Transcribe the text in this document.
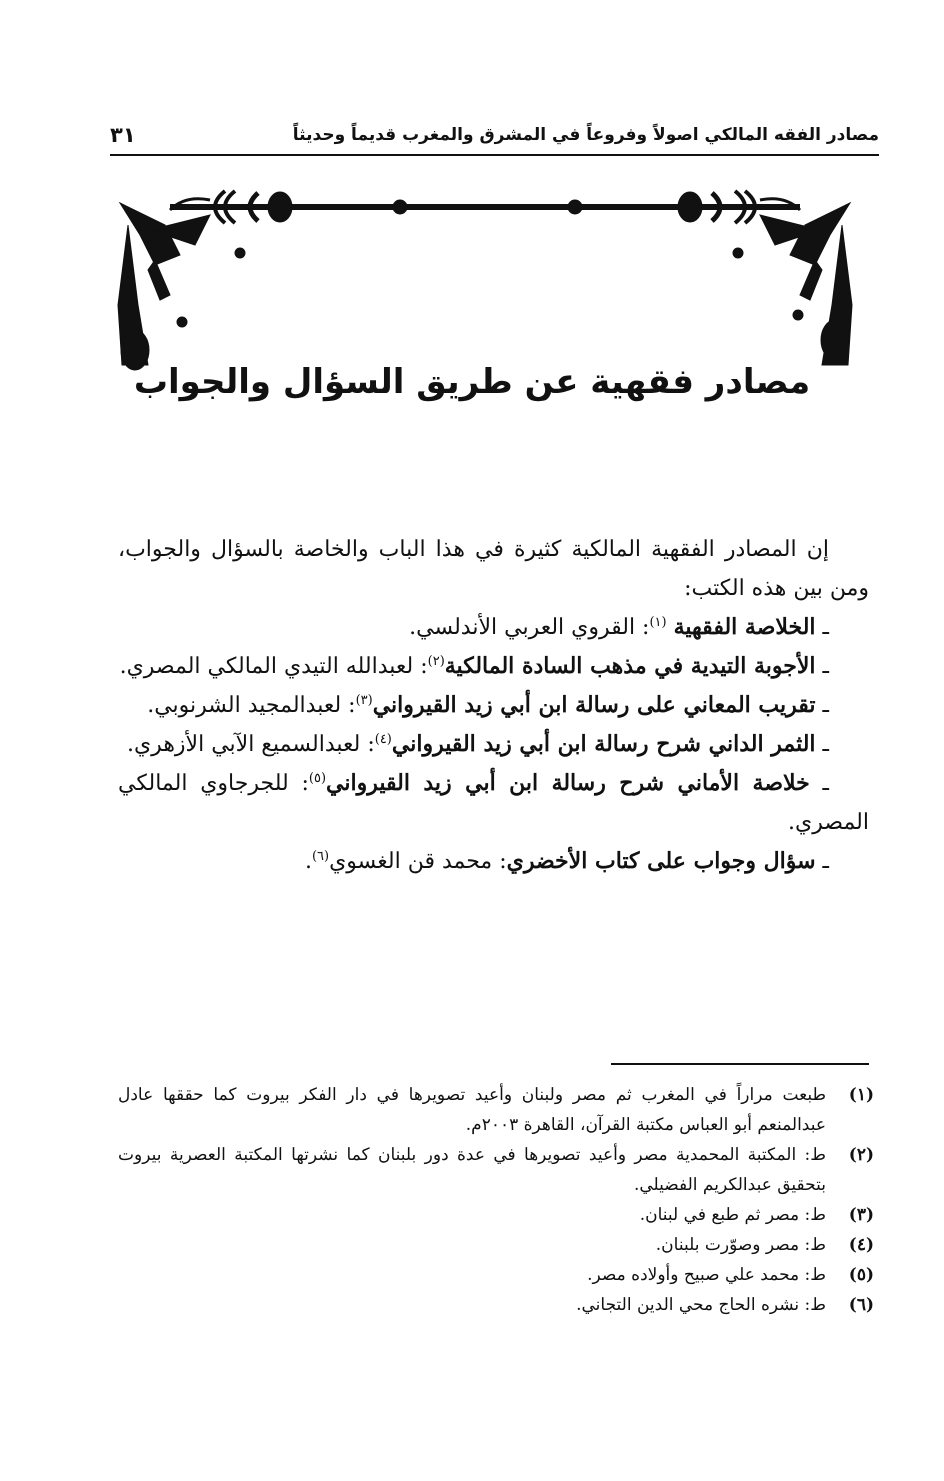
مصادر الفقه المالكي اصولاً وفروعاً في المشرق والمغرب قديماً وحديثاً
٣١
مصادر فقهية عن طريق السؤال والجواب

إن المصادر الفقهية المالكية كثيرة في هذا الباب والخاصة بالسؤال والجواب، ومن بين هذه الكتب:

ـ الخلاصة الفقهية $^{(١)}$: القروي العربي الأندلسي.

ـ الأجوبة التيدية في مذهب السادة المالكية$^{(٢)}$: لعبدالله التيدي المالكي المصري.

ـ تقريب المعاني على رسالة ابن أبي زيد القيرواني$^{(٣)}$: لعبدالمجيد الشرنوبي.

ـ الثمر الداني شرح رسالة ابن أبي زيد القيرواني$^{(٤)}$: لعبدالسميع الآبي الأزهري.

ـ خلاصة الأماني شرح رسالة ابن أبي زيد القيرواني$^{(٥)}$: للجرجاوي المالكي المصري.

ـ سؤال وجواب على كتاب الأخضري: محمد قن الغسوي$^{(٦)}$.

(١)
طبعت مراراً في المغرب ثم مصر ولبنان وأعيد تصويرها في دار الفكر بيروت كما حققها عادل عبدالمنعم أبو العباس مكتبة القرآن، القاهرة ٢٠٠٣م.
(٢)
ط: المكتبة المحمدية مصر وأعيد تصويرها في عدة دور بلبنان كما نشرتها المكتبة العصرية بيروت بتحقيق عبدالكريم الفضيلي.
(٣)
ط: مصر ثم طبع في لبنان.
(٤)
ط: مصر وصوّرت بلبنان.
(٥)
ط: محمد علي صبيح وأولاده مصر.
(٦)
ط: نشره الحاج محي الدين التجاني.
